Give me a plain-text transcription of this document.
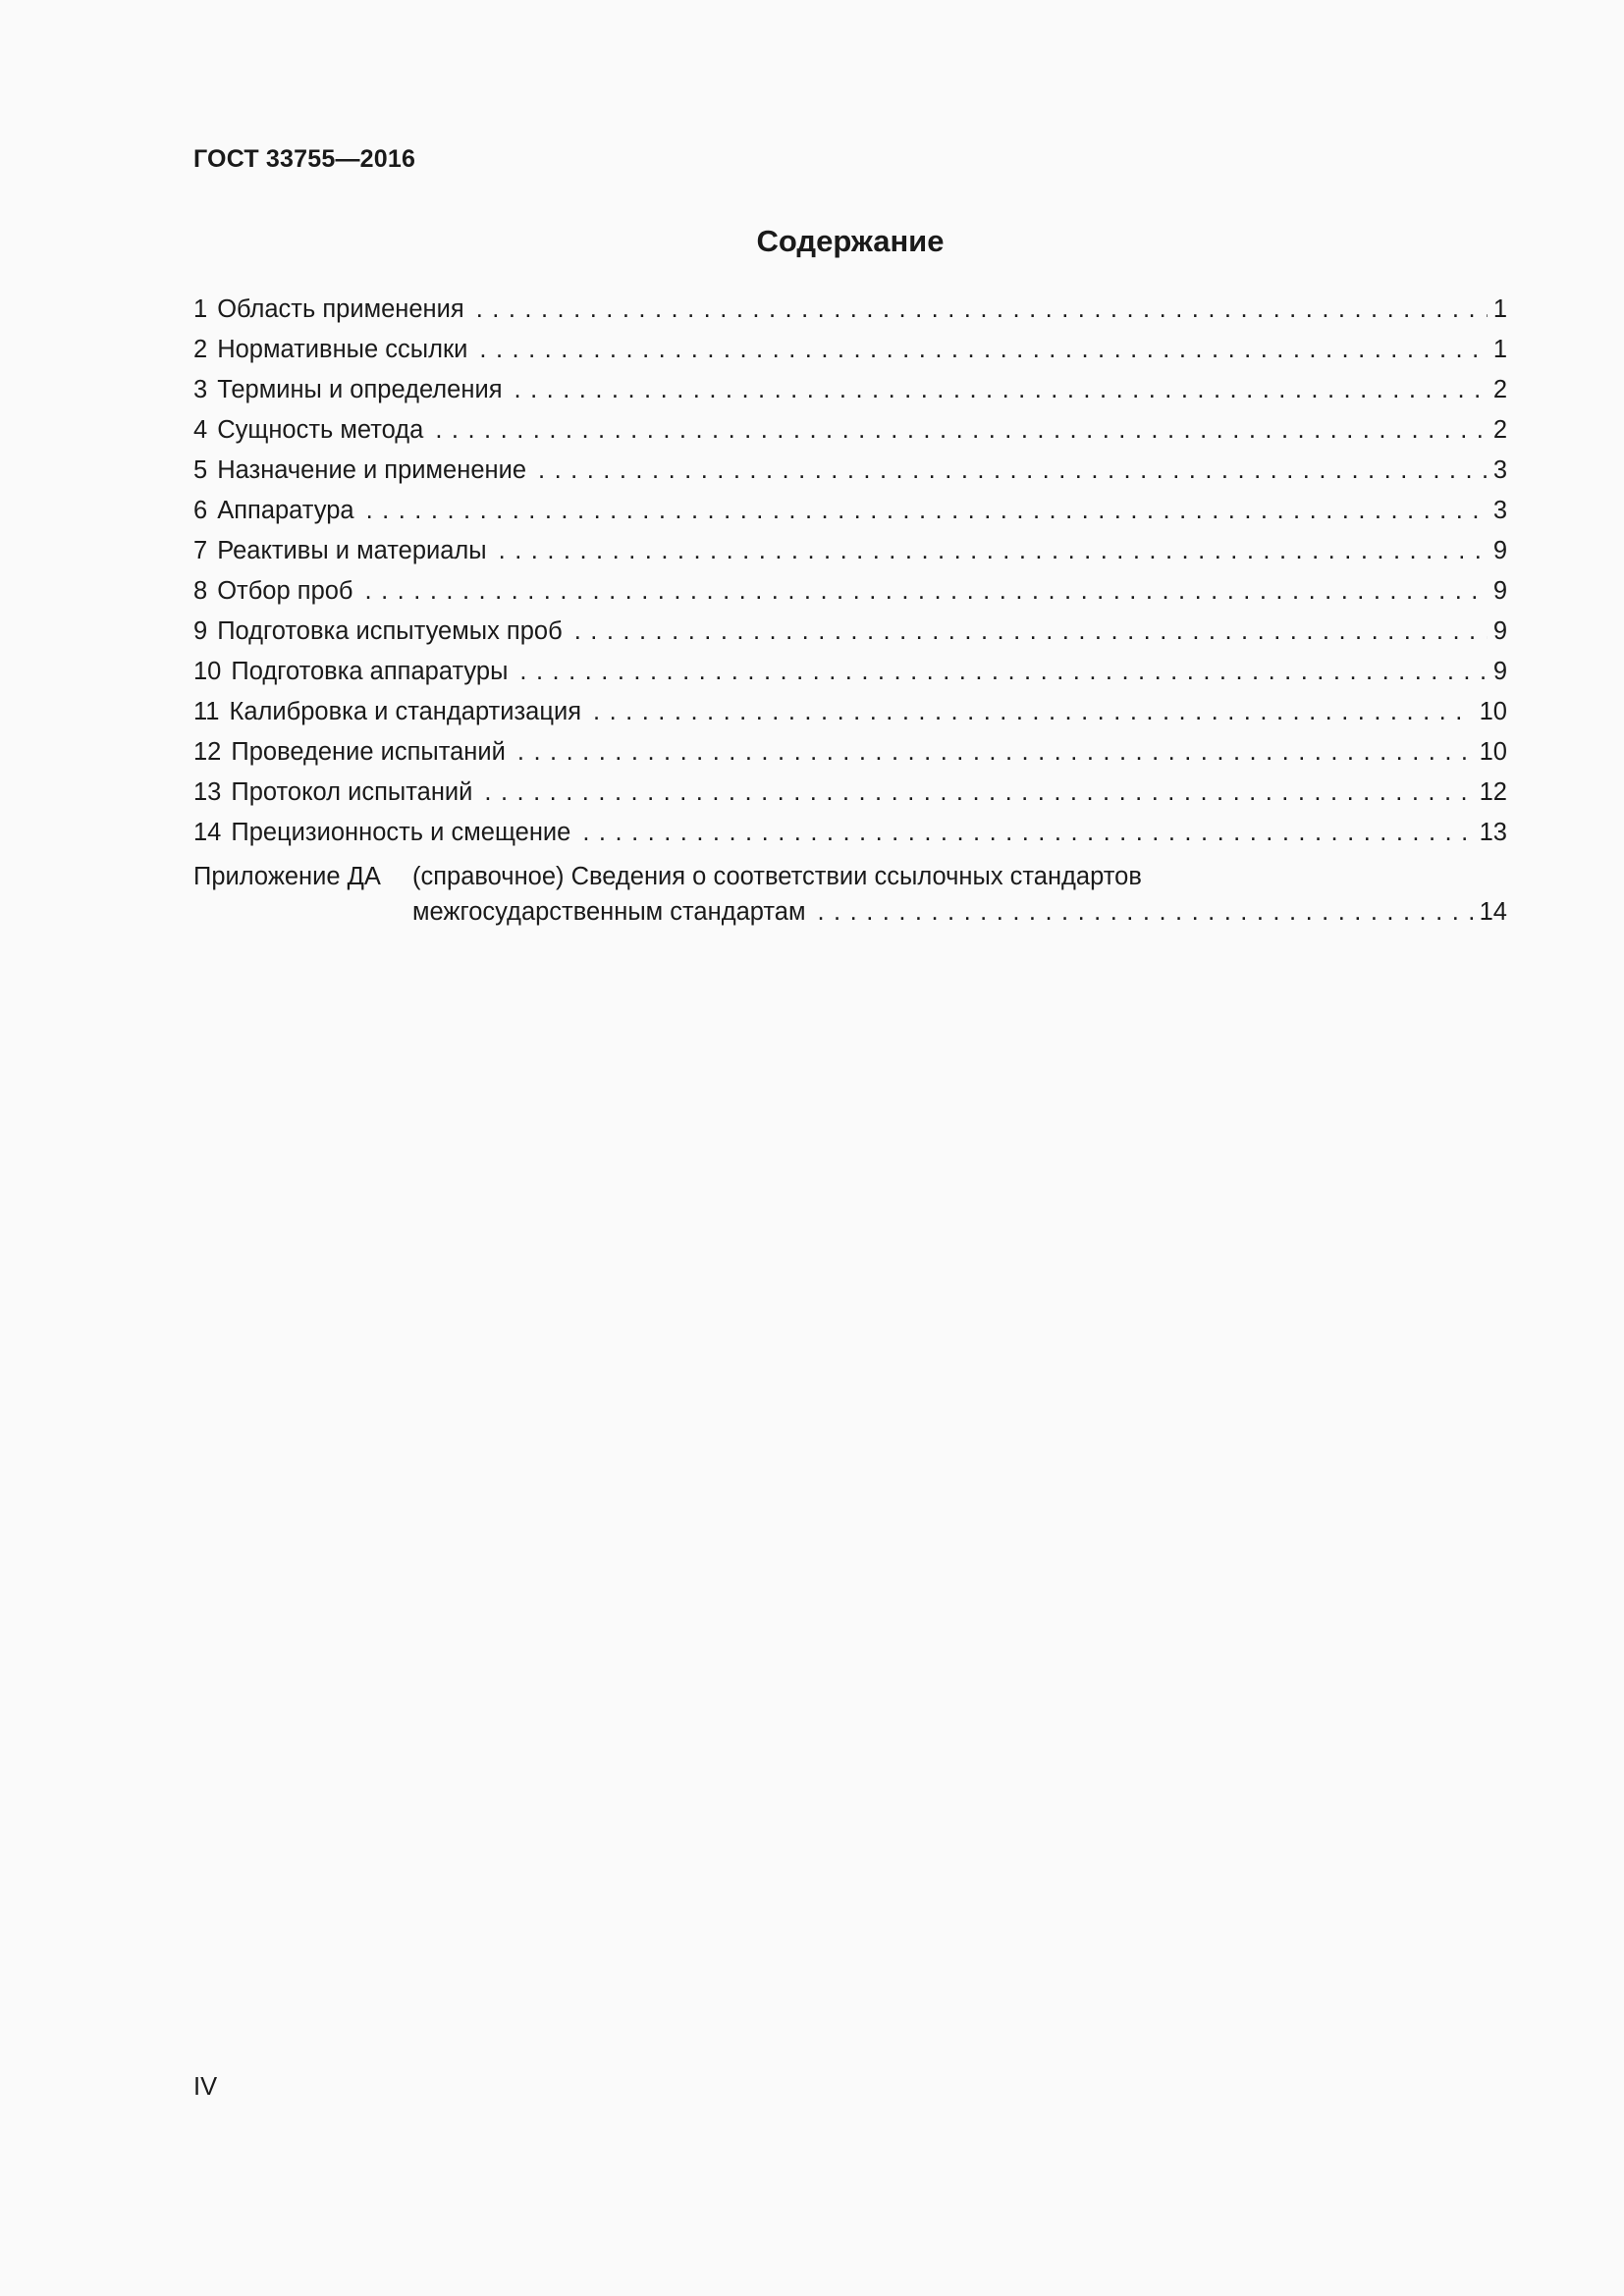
ГОСТ 33755—2016
Содержание
1 Область применения . . .	1
2 Нормативные ссылки . . .	1
3 Термины и определения . . .	2
4 Сущность метода . . .	2
5 Назначение и применение . . .	3
6 Аппаратура . . .	3
7 Реактивы и материалы . . .	9
8 Отбор проб . . .	9
9 Подготовка испытуемых проб . . .	9
10 Подготовка аппаратуры . . .	9
11 Калибровка и стандартизация . . .	10
12 Проведение испытаний . . .	10
13 Протокол испытаний . . .	12
14 Прецизионность и смещение . . .	13
Приложение ДА	(справочное) Сведения о соответствии ссылочных стандартов
межгосударственным стандартам . . .	14
IV
